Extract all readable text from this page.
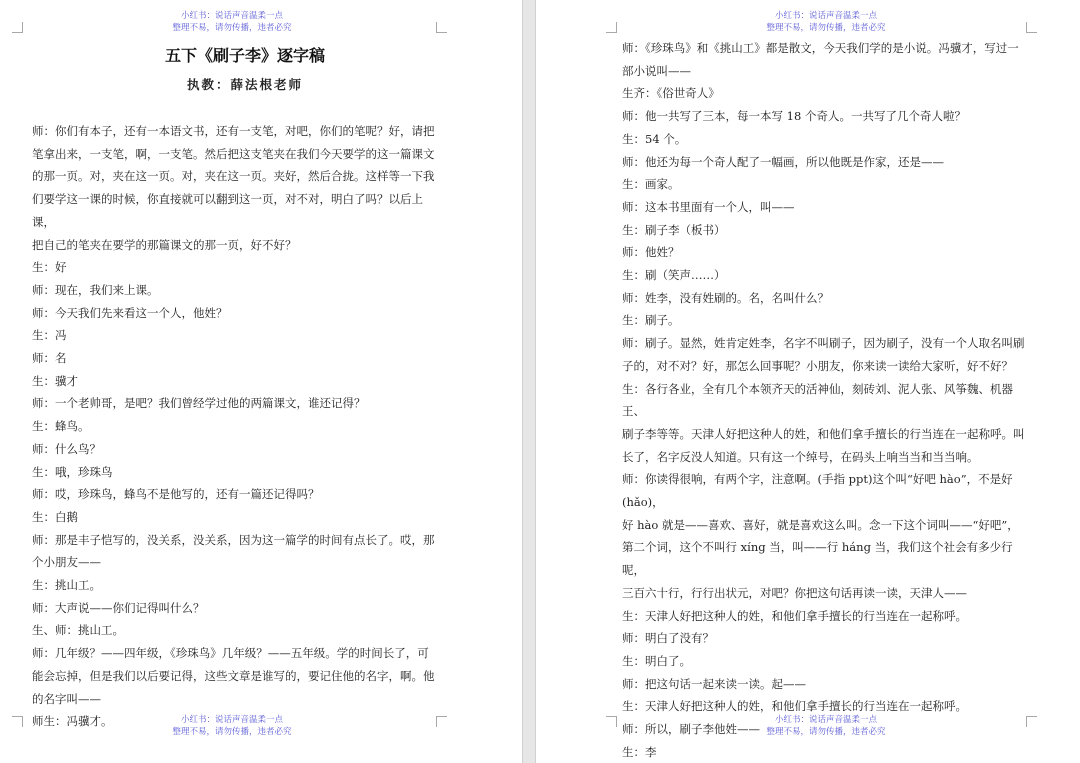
小红书：说话声音温柔一点
整理不易，请勿传播，违者必究
五下《刷子李》逐字稿
执教：薛法根老师

师：你们有本子，还有一本语文书，还有一支笔，对吧，你们的笔呢？好，请把

笔拿出来，一支笔，啊，一支笔。然后把这支笔夹在我们今天要学的这一篇课文

的那一页。对，夹在这一页。对，夹在这一页。夹好，然后合拢。这样等一下我

们要学这一课的时候，你直接就可以翻到这一页，对不对，明白了吗？以后上课，

把自己的笔夹在要学的那篇课文的那一页，好不好？

生：好

师：现在，我们来上课。

师：今天我们先来看这一个人，他姓？

生：冯

师：名

生：骥才

师：一个老帅哥，是吧？我们曾经学过他的两篇课文，谁还记得？

生：蜂鸟。

师：什么鸟？

生：哦，珍珠鸟

师：哎，珍珠鸟，蜂鸟不是他写的，还有一篇还记得吗？

生：白鹅

师：那是丰子恺写的，没关系，没关系，因为这一篇学的时间有点长了。哎，那

个小朋友——

生：挑山工。

师：大声说——你们记得叫什么？

生、师：挑山工。

师：几年级？——四年级，《珍珠鸟》几年级？——五年级。学的时间长了，可

能会忘掉，但是我们以后要记得，这些文章是谁写的，要记住他的名字，啊。他

的名字叫——

师生：冯骥才。	小红书：说话声音温柔一点
整理不易，请勿传播，违者必究
小红书：说话声音温柔一点
整理不易，请勿传播，违者必究
小红书：说话声音温柔一点
整理不易，请勿传播，违者必究

师：《珍珠鸟》和《挑山工》都是散文，今天我们学的是小说。冯骥才，写过一

部小说叫——

生齐：《俗世奇人》

师：他一共写了三本，每一本写 18 个奇人。一共写了几个奇人啦？

生：54 个。

师：他还为每一个奇人配了一幅画，所以他既是作家，还是——

生：画家。

师：这本书里面有一个人，叫——

生：刷子李（板书）

师：他姓？

生：刷（笑声……）

师：姓李，没有姓刷的。名，名叫什么？

生：刷子。

师：刷子。显然，姓肯定姓李，名字不叫刷子，因为刷子，没有一个人取名叫刷

子的，对不对？好，那怎么回事呢？小朋友，你来读一读给大家听，好不好？

生：各行各业，全有几个本领齐天的活神仙，刻砖刘、泥人张、风筝魏、机器王、

刷子李等等。天津人好把这种人的姓，和他们拿手擅长的行当连在一起称呼。叫

长了，名字反没人知道。只有这一个绰号，在码头上响当当和当当响。

师：你读得很响，有两个字，注意啊。(手指 ppt)这个叫“好吧 hào”，不是好(hǎo)，

好 hào 就是——喜欢、喜好，就是喜欢这么叫。念一下这个词叫——“好吧”，

第二个词，这个不叫行 xíng 当，叫——行 háng 当，我们这个社会有多少行呢，

三百六十行，行行出状元，对吧？你把这句话再读一读，天津人——

生：天津人好把这种人的姓，和他们拿手擅长的行当连在一起称呼。

师：明白了没有？

生：明白了。

师：把这句话一起来读一读。起——

生：天津人好把这种人的姓，和他们拿手擅长的行当连在一起称呼。

师：所以，刷子李他姓——

生：李
